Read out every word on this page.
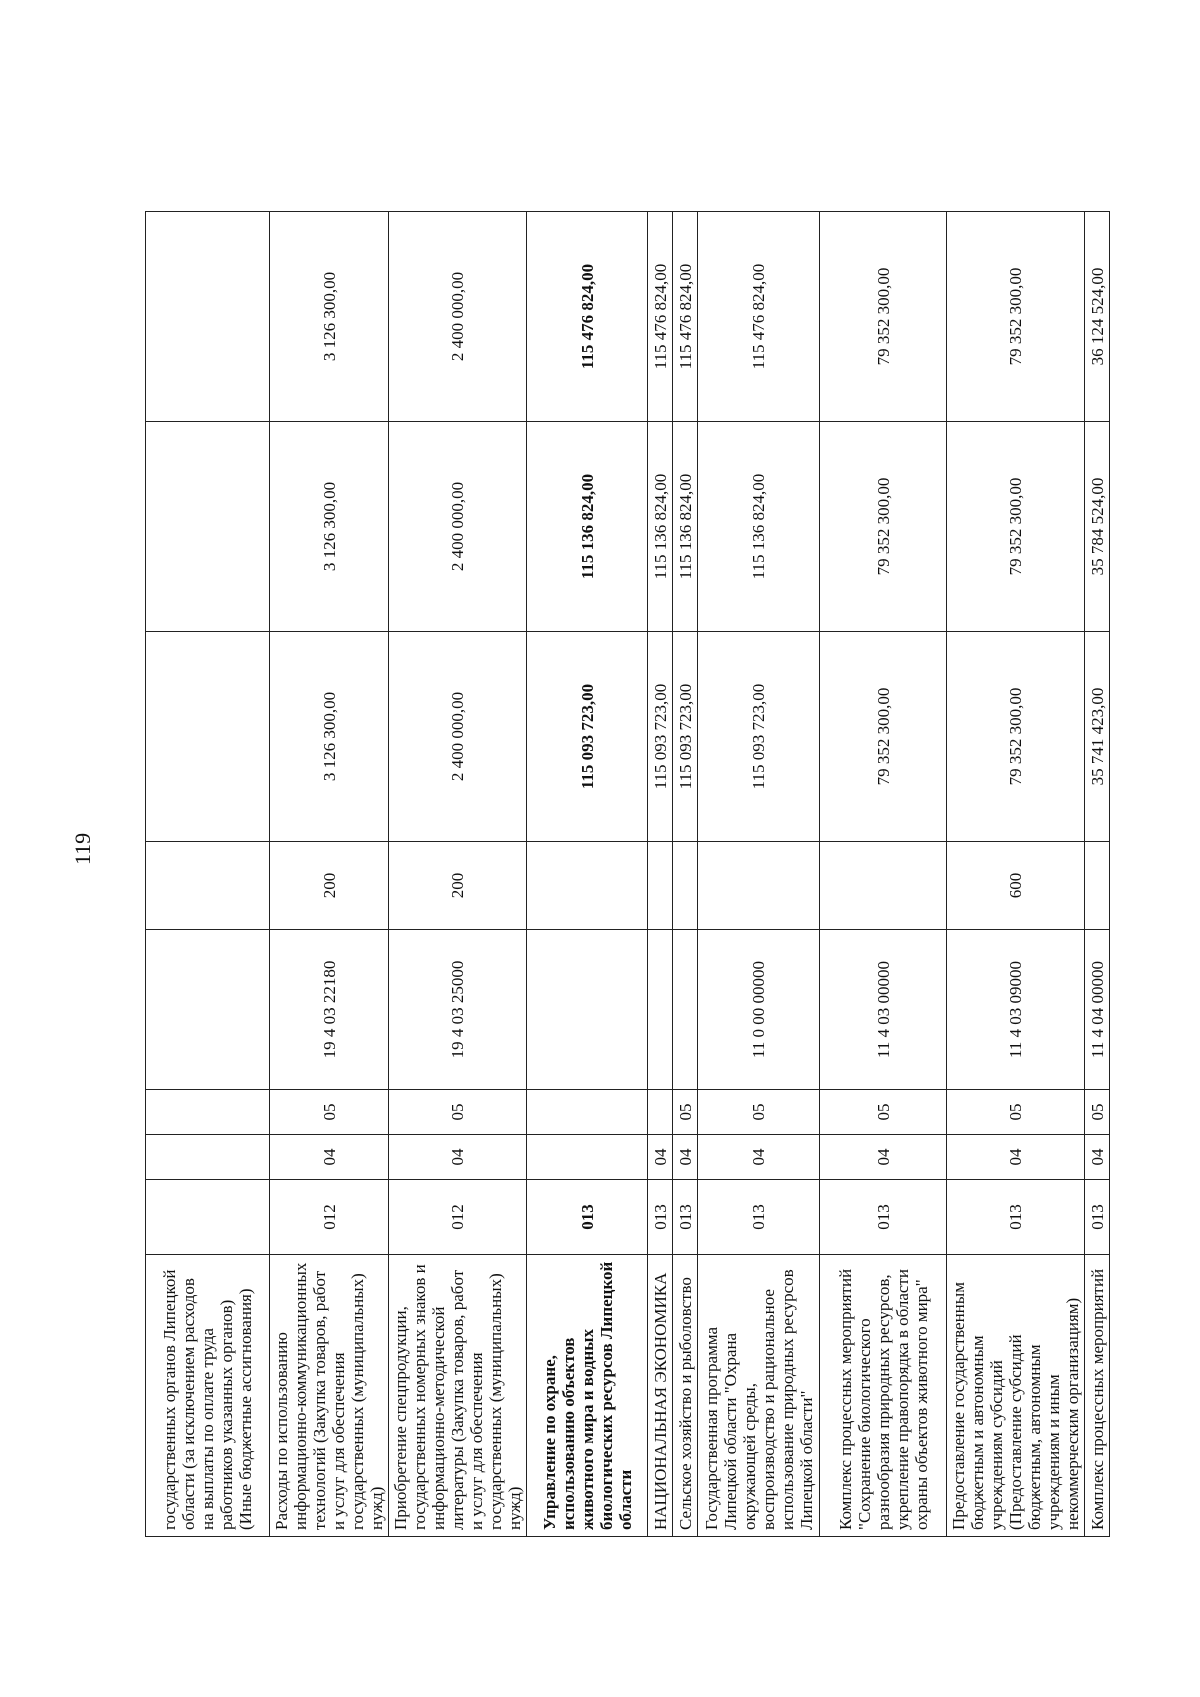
119
государственных органов Липецкой области (за исключением расходов на выплаты по оплате труда работников указанных органов) (Иные бюджетные ассигнования)								
Расходы по использованию информационно-коммуникационных технологий (Закупка товаров, работ и услуг для обеспечения государственных (муниципальных) нужд)	012	04	05	19 4 03 22180	200	3 126 300,00	3 126 300,00	3 126 300,00
Приобретение спецпродукции, государственных номерных знаков и информационно-методической литературы (Закупка товаров, работ и услуг для обеспечения государственных (муниципальных) нужд)	012	04	05	19 4 03 25000	200	2 400 000,00	2 400 000,00	2 400 000,00
Управление по охране, использованию объектов животного мира и водных биологических ресурсов Липецкой области	013					115 093 723,00	115 136 824,00	115 476 824,00
НАЦИОНАЛЬНАЯ ЭКОНОМИКА	013	04				115 093 723,00	115 136 824,00	115 476 824,00
Сельское хозяйство и рыболовство	013	04	05			115 093 723,00	115 136 824,00	115 476 824,00
Государственная программа Липецкой области "Охрана окружающей среды, воспроизводство и рациональное использование природных ресурсов Липецкой области"	013	04	05	11 0 00 00000		115 093 723,00	115 136 824,00	115 476 824,00
Комплекс процессных мероприятий "Сохранение биологического разнообразия природных ресурсов, укрепление правопорядка в области охраны объектов животного мира"	013	04	05	11 4 03 00000		79 352 300,00	79 352 300,00	79 352 300,00
Предоставление государственным бюджетным и автономным учреждениям субсидий (Предоставление субсидий бюджетным, автономным учреждениям и иным некоммерческим организациям)	013	04	05	11 4 03 09000	600	79 352 300,00	79 352 300,00	79 352 300,00
Комплекс процессных мероприятий	013	04	05	11 4 04 00000		35 741 423,00	35 784 524,00	36 124 524,00
